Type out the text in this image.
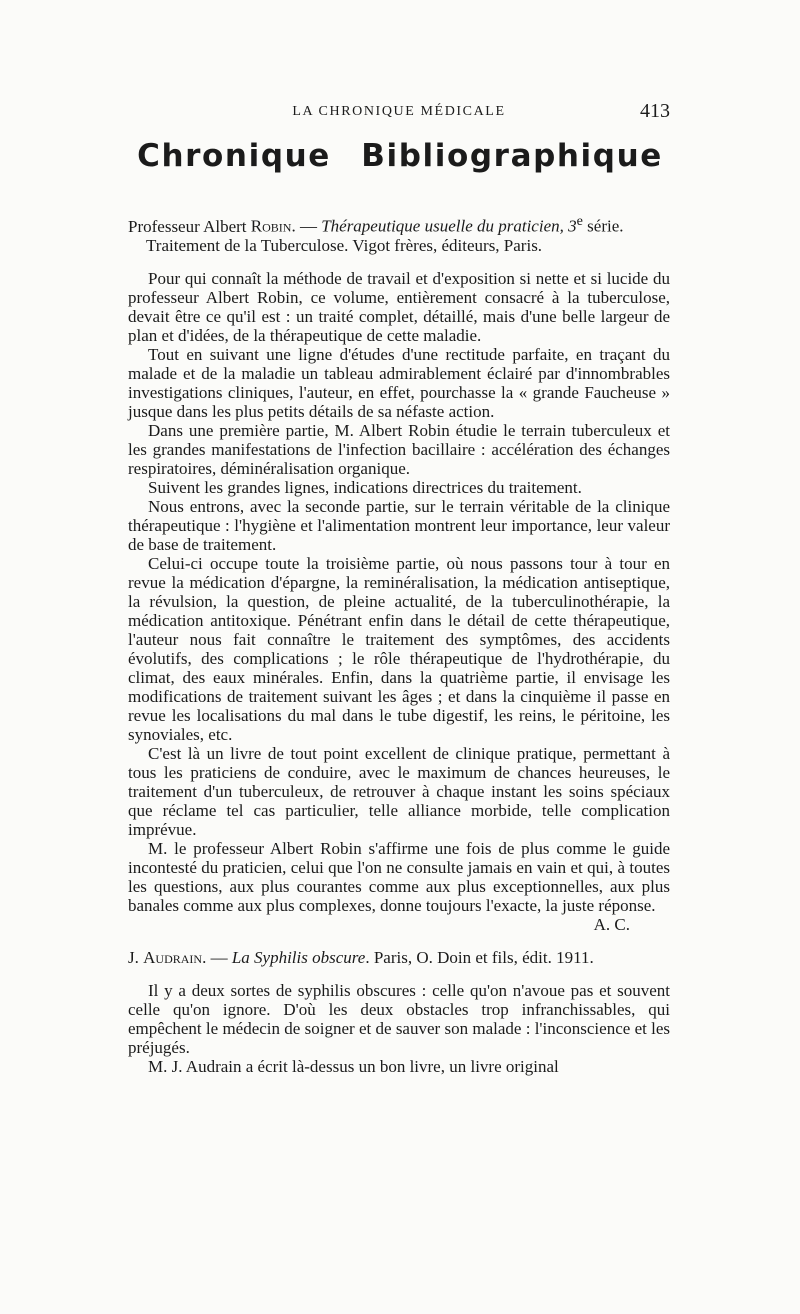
LA CHRONIQUE MÉDICALE	413
Chronique Bibliographique

Professeur Albert Robin. — Thérapeutique usuelle du praticien, 3e série.
Traitement de la Tuberculose. Vigot frères, éditeurs, Paris.

Pour qui connaît la méthode de travail et d'exposition si nette et si lucide du professeur Albert Robin, ce volume, entièrement consacré à la tuberculose, devait être ce qu'il est : un traité complet, détaillé, mais d'une belle largeur de plan et d'idées, de la thérapeutique de cette maladie.

Tout en suivant une ligne d'études d'une rectitude parfaite, en traçant du malade et de la maladie un tableau admirablement éclairé par d'innombrables investigations cliniques, l'auteur, en effet, pourchasse la « grande Faucheuse » jusque dans les plus petits détails de sa néfaste action.

Dans une première partie, M. Albert Robin étudie le terrain tuberculeux et les grandes manifestations de l'infection bacillaire : accélération des échanges respiratoires, déminéralisation organique.

Suivent les grandes lignes, indications directrices du traitement.

Nous entrons, avec la seconde partie, sur le terrain véritable de la clinique thérapeutique : l'hygiène et l'alimentation montrent leur importance, leur valeur de base de traitement.

Celui-ci occupe toute la troisième partie, où nous passons tour à tour en revue la médication d'épargne, la reminéralisation, la médication antiseptique, la révulsion, la question, de pleine actualité, de la tuberculinothérapie, la médication antitoxique. Pénétrant enfin dans le détail de cette thérapeutique, l'auteur nous fait connaître le traitement des symptômes, des accidents évolutifs, des complications ; le rôle thérapeutique de l'hydrothérapie, du climat, des eaux minérales. Enfin, dans la quatrième partie, il envisage les modifications de traitement suivant les âges ; et dans la cinquième il passe en revue les localisations du mal dans le tube digestif, les reins, le péritoine, les synoviales, etc.

C'est là un livre de tout point excellent de clinique pratique, permettant à tous les praticiens de conduire, avec le maximum de chances heureuses, le traitement d'un tuberculeux, de retrouver à chaque instant les soins spéciaux que réclame tel cas particulier, telle alliance morbide, telle complication imprévue.

M. le professeur Albert Robin s'affirme une fois de plus comme le guide incontesté du praticien, celui que l'on ne consulte jamais en vain et qui, à toutes les questions, aux plus courantes comme aux plus exceptionnelles, aux plus banales comme aux plus complexes, donne toujours l'exacte, la juste réponse.

A. C.

J. Audrain. — La Syphilis obscure. Paris, O. Doin et fils, édit. 1911.

Il y a deux sortes de syphilis obscures : celle qu'on n'avoue pas et souvent celle qu'on ignore. D'où les deux obstacles trop infranchissables, qui empêchent le médecin de soigner et de sauver son malade : l'inconscience et les préjugés.

M. J. Audrain a écrit là-dessus un bon livre, un livre original
